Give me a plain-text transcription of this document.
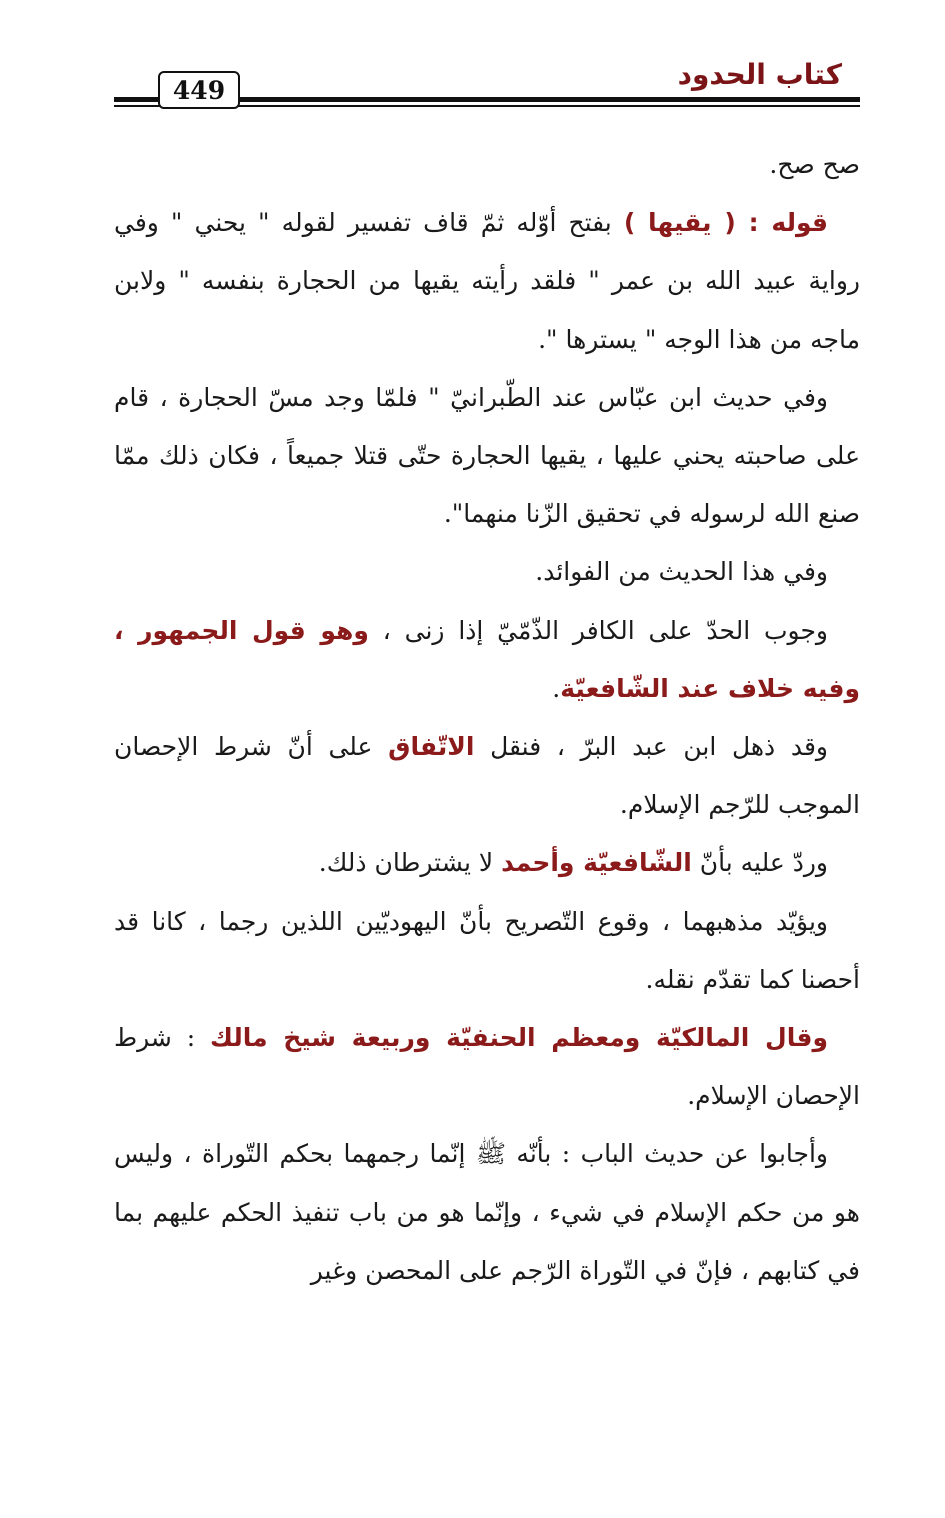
كتاب الحدود
449

صح صح.

قوله : ( يقيها ) بفتح أوّله ثمّ قاف تفسير لقوله " يحني " وفي رواية عبيد الله بن عمر " فلقد رأيته يقيها من الحجارة بنفسه " ولابن ماجه من هذا الوجه " يسترها ".

وفي حديث ابن عبّاس عند الطّبرانيّ " فلمّا وجد مسّ الحجارة ، قام على صاحبته يحني عليها ، يقيها الحجارة حتّى قتلا جميعاً ، فكان ذلك ممّا صنع الله لرسوله في تحقيق الزّنا منهما".

وفي هذا الحديث من الفوائد.

وجوب الحدّ على الكافر الذّمّيّ إذا زنى ، وهو قول الجمهور ، وفيه خلاف عند الشّافعيّة.

وقد ذهل ابن عبد البرّ ، فنقل الاتّفاق على أنّ شرط الإحصان الموجب للرّجم الإسلام.

وردّ عليه بأنّ الشّافعيّة وأحمد لا يشترطان ذلك.

ويؤيّد مذهبهما ، وقوع التّصريح بأنّ اليهوديّين اللذين رجما ، كانا قد أحصنا كما تقدّم نقله.

وقال المالكيّة ومعظم الحنفيّة وربيعة شيخ مالك : شرط الإحصان الإسلام.

وأجابوا عن حديث الباب : بأنّه ﷺ إنّما رجمهما بحكم التّوراة ، وليس هو من حكم الإسلام في شيء ، وإنّما هو من باب تنفيذ الحكم عليهم بما في كتابهم ، فإنّ في التّوراة الرّجم على المحصن وغير
